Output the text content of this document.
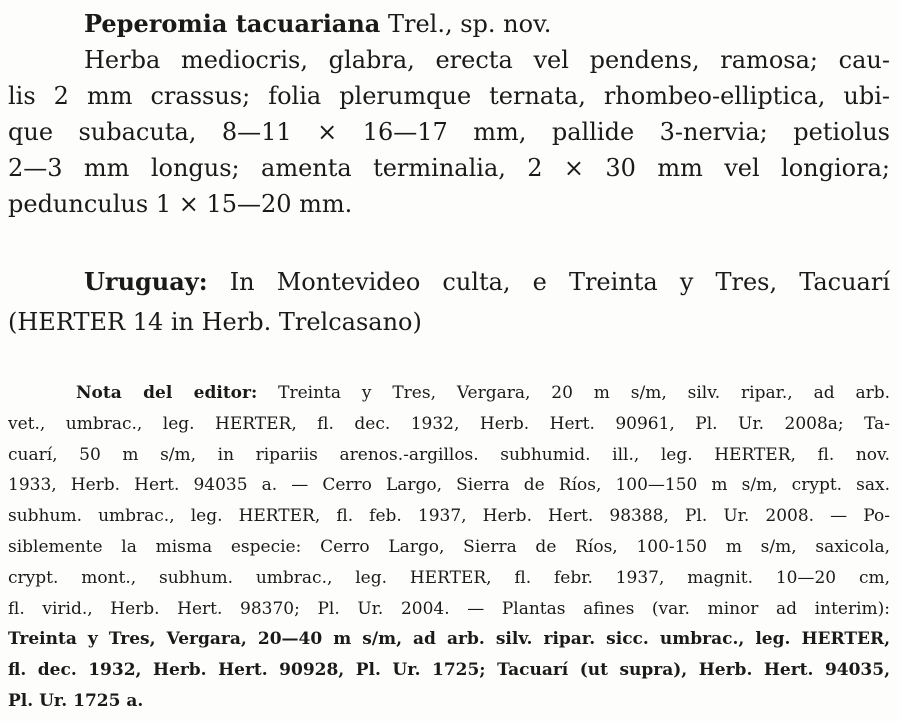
Peperomia tacuariana Trel., sp. nov.

Herba mediocris, glabra, erecta vel pendens, ramosa; cau-
lis 2 mm crassus; folia plerumque ternata, rhombeo-elliptica, ubi-
que subacuta, 8—11 × 16—17 mm, pallide 3-nervia; petiolus
2—3 mm longus; amenta terminalia, 2 × 30 mm vel longiora;
pedunculus 1 × 15—20 mm.

Uruguay: In Montevideo culta, e Treinta y Tres, Tacuarí
(HERTER 14 in Herb. Trelcasano)

Nota del editor: Treinta y Tres, Vergara, 20 m s/m, silv. ripar., ad arb.
vet., umbrac., leg. HERTER, fl. dec. 1932, Herb. Hert. 90961, Pl. Ur. 2008a; Ta-
cuarí, 50 m s/m, in ripariis arenos.-argillos. subhumid. ill., leg. HERTER, fl. nov.
1933, Herb. Hert. 94035 a. — Cerro Largo, Sierra de Ríos, 100—150 m s/m, crypt. sax.
subhum. umbrac., leg. HERTER, fl. feb. 1937, Herb. Hert. 98388, Pl. Ur. 2008. — Po-
siblemente la misma especie: Cerro Largo, Sierra de Ríos, 100-150 m s/m, saxicola,
crypt. mont., subhum. umbrac., leg. HERTER, fl. febr. 1937, magnit. 10—20 cm,
fl. virid., Herb. Hert. 98370; Pl. Ur. 2004. — Plantas afines (var. minor ad interim):
Treinta y Tres, Vergara, 20—40 m s/m, ad arb. silv. ripar. sicc. umbrac., leg. HERTER,
fl. dec. 1932, Herb. Hert. 90928, Pl. Ur. 1725; Tacuarí (ut supra), Herb. Hert. 94035,
Pl. Ur. 1725 a.
